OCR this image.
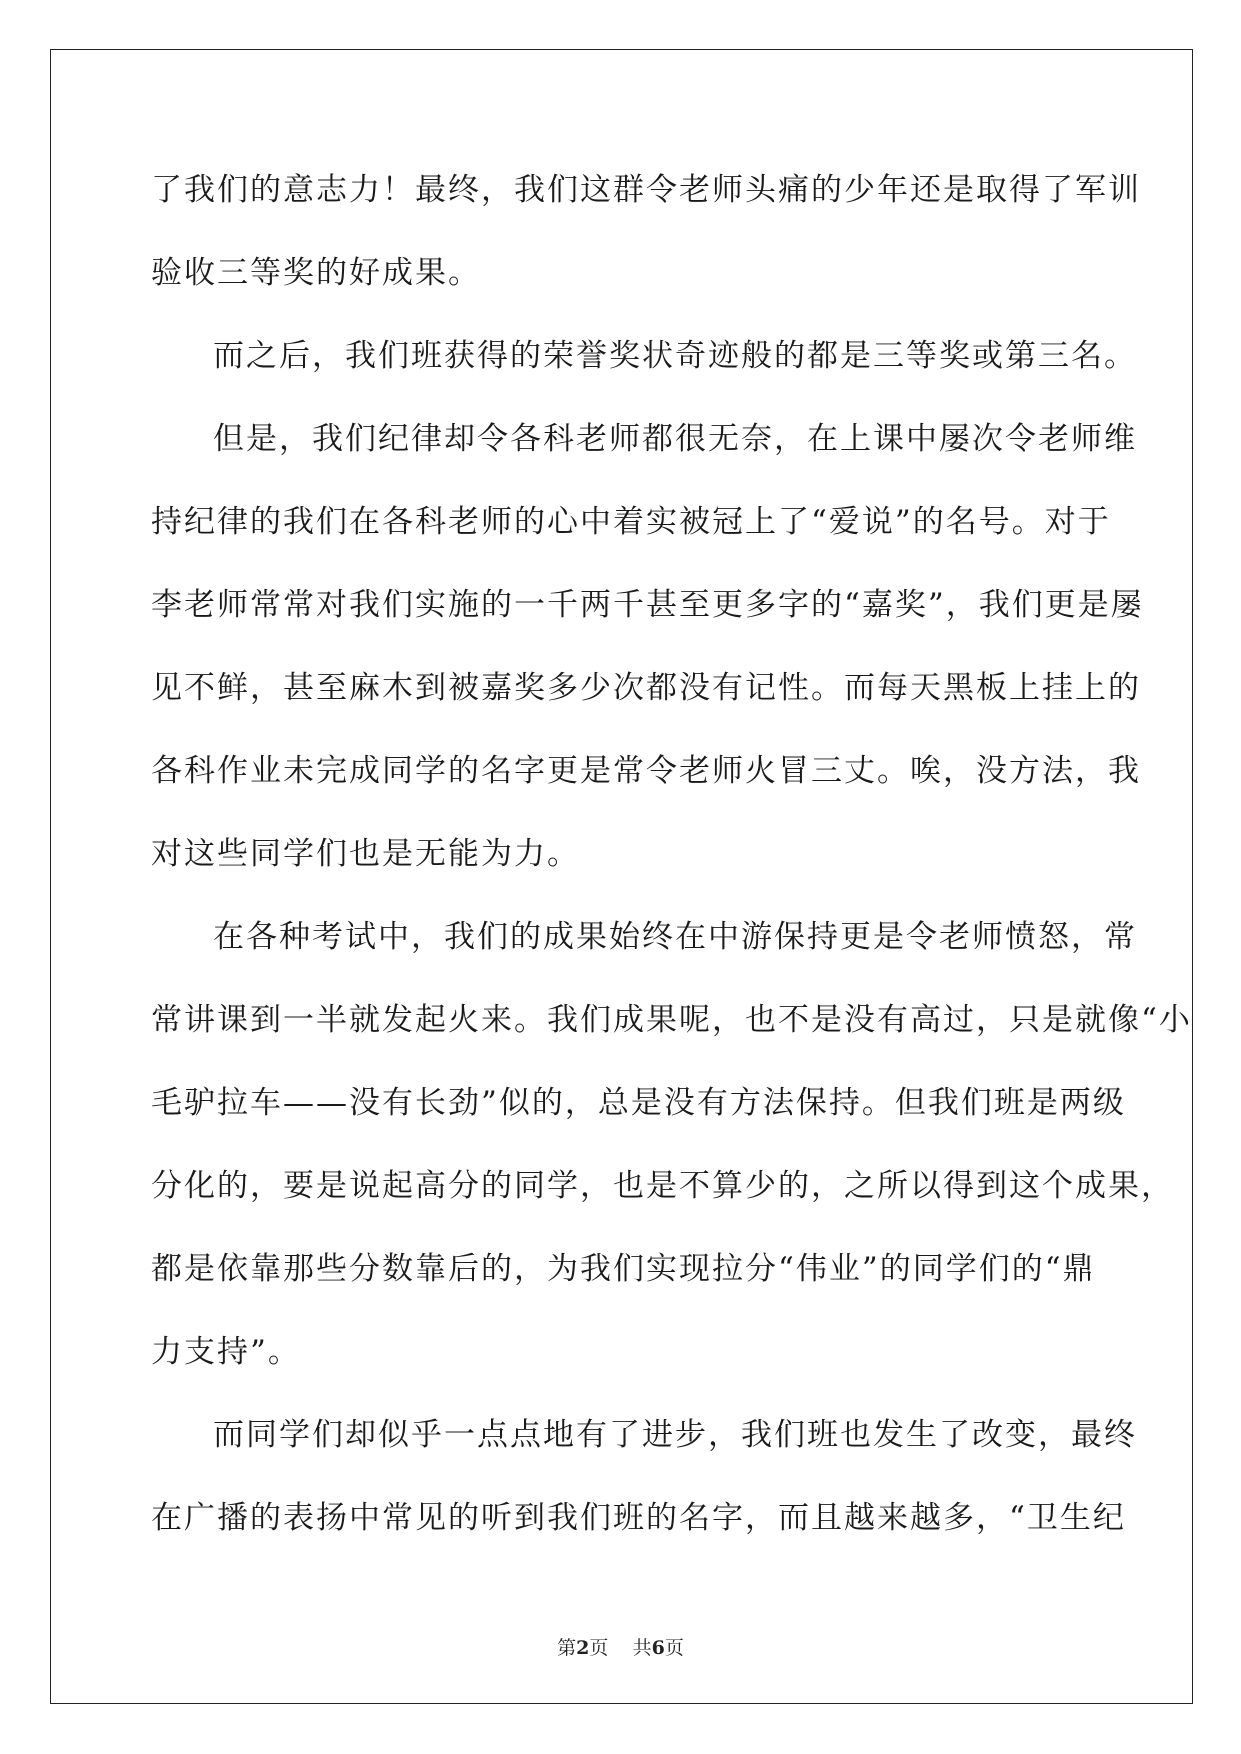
了我们的意志力！最终，我们这群令老师头痛的少年还是取得了军训
验收三等奖的好成果。
而之后，我们班获得的荣誉奖状奇迹般的都是三等奖或第三名。
但是，我们纪律却令各科老师都很无奈，在上课中屡次令老师维
持纪律的我们在各科老师的心中着实被冠上了“爱说”的名号。对于
李老师常常对我们实施的一千两千甚至更多字的“嘉奖”，我们更是屡
见不鲜，甚至麻木到被嘉奖多少次都没有记性。而每天黑板上挂上的
各科作业未完成同学的名字更是常令老师火冒三丈。唉，没方法，我
对这些同学们也是无能为力。
在各种考试中，我们的成果始终在中游保持更是令老师愤怒，常
常讲课到一半就发起火来。我们成果呢，也不是没有高过，只是就像“小
毛驴拉车——没有长劲”似的，总是没有方法保持。但我们班是两级
分化的，要是说起高分的同学，也是不算少的，之所以得到这个成果，
都是依靠那些分数靠后的，为我们实现拉分“伟业”的同学们的“鼎
力支持”。
而同学们却似乎一点点地有了进步，我们班也发生了改变，最终
在广播的表扬中常见的听到我们班的名字，而且越来越多，“卫生纪
第2页 共6页
